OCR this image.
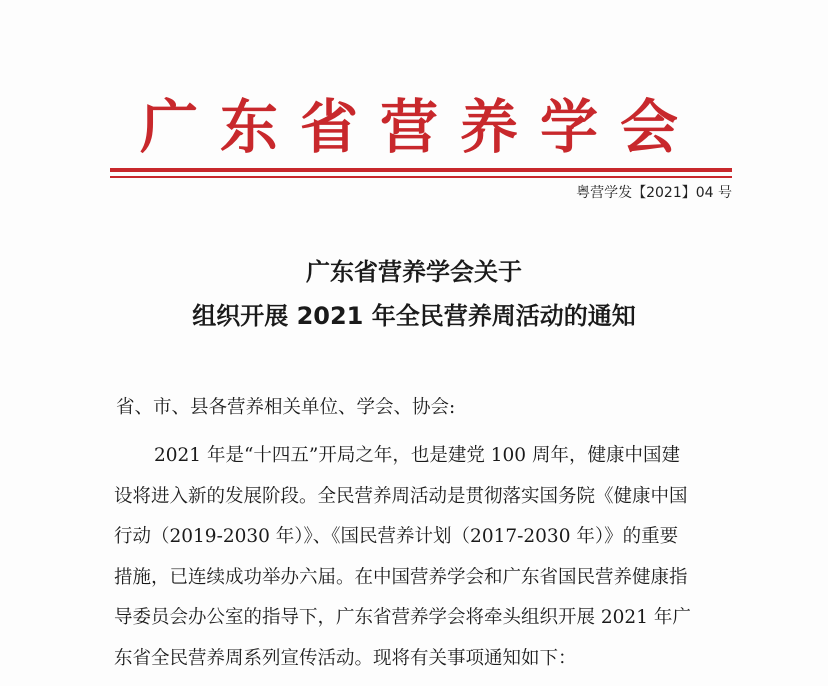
广东省营养学会
粤营学发【2021】04 号
广东省营养学会关于
组织开展 2021 年全民营养周活动的通知
省、市、县各营养相关单位、学会、协会:
2021 年是“十四五”开局之年，也是建党 100 周年，健康中国建
设将进入新的发展阶段。全民营养周活动是贯彻落实国务院《健康中国
行动（2019-2030 年）》、《国民营养计划（2017-2030 年）》的重要
措施，已连续成功举办六届。在中国营养学会和广东省国民营养健康指
导委员会办公室的指导下，广东省营养学会将牵头组织开展 2021 年广
东省全民营养周系列宣传活动。现将有关事项通知如下：
